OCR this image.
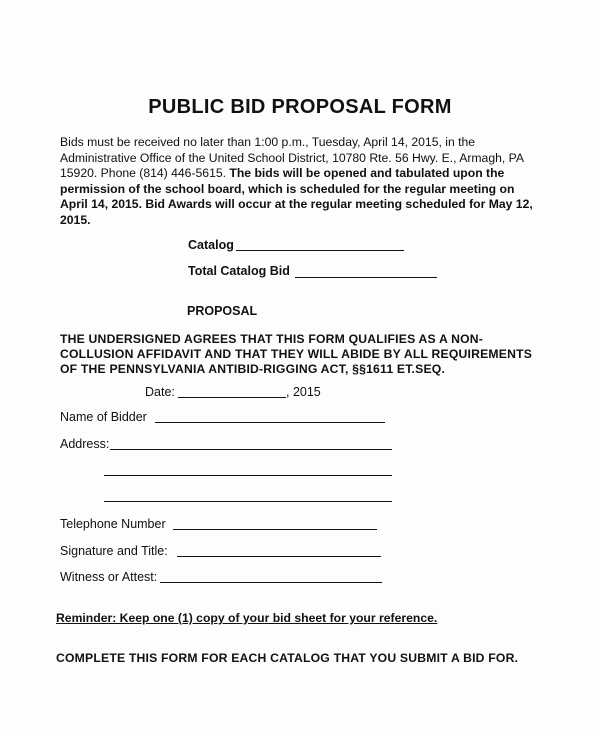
PUBLIC BID PROPOSAL FORM
Bids must be received no later than 1:00 p.m., Tuesday, April 14, 2015, in the
Administrative Office of the United School District, 10780 Rte. 56 Hwy. E., Armagh, PA
15920. Phone (814) 446-5615. The bids will be opened and tabulated upon the
permission of the school board, which is scheduled for the regular meeting on
April 14, 2015. Bid Awards will occur at the regular meeting scheduled for May 12,
2015.
Catalog
Total Catalog Bid
PROPOSAL
THE UNDERSIGNED AGREES THAT THIS FORM QUALIFIES AS A NON-
COLLUSION AFFIDAVIT AND THAT THEY WILL ABIDE BY ALL REQUIREMENTS
OF THE PENNSYLVANIA ANTIBID-RIGGING ACT, §§1611 ET.SEQ.
Date:	, 2015
Name of Bidder
Address:
Telephone Number
Signature and Title:
Witness or Attest:
Reminder: Keep one (1) copy of your bid sheet for your reference.
COMPLETE THIS FORM FOR EACH CATALOG THAT YOU SUBMIT A BID FOR.
